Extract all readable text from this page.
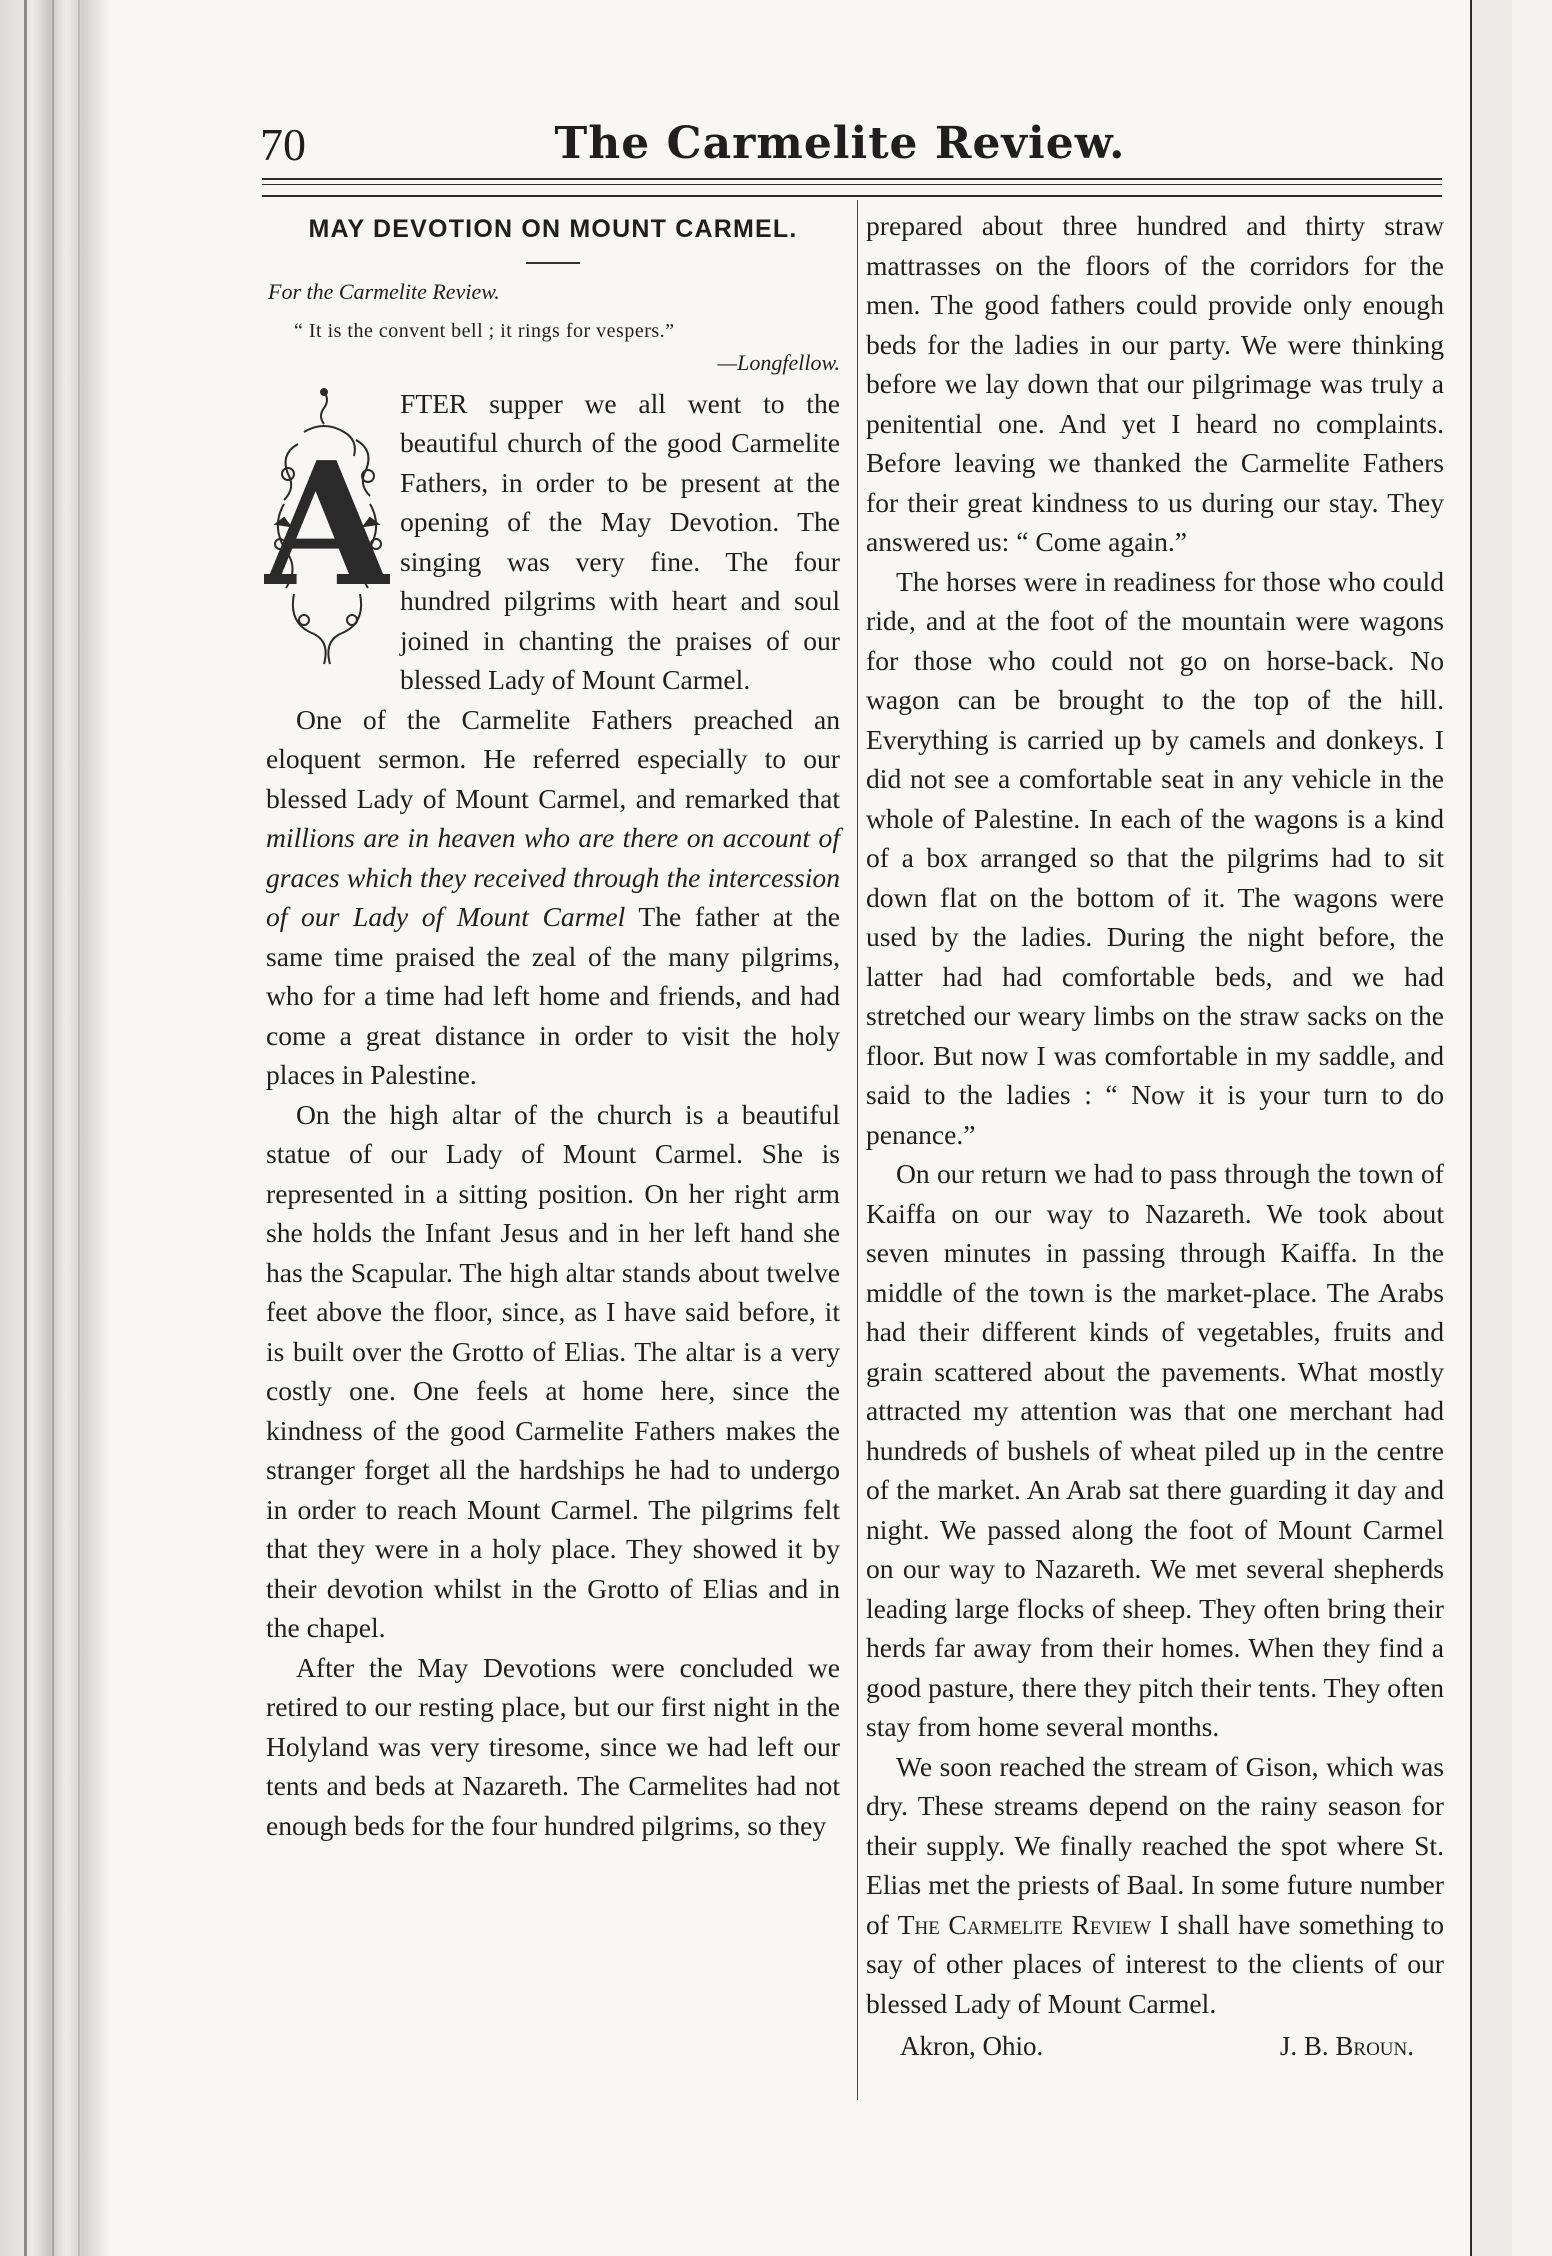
70	The Carmelite Review.
MAY DEVOTION ON MOUNT CARMEL.
For the Carmelite Review.
“ It is the convent bell ; it rings for vespers.”
—Longfellow.
A

FTER supper we all went to the beautiful church of the good Carmelite Fathers, in order to be present at the opening of the May Devotion. The singing was very fine. The four hundred pilgrims with heart and soul joined in chanting the praises of our blessed Lady of Mount Carmel.

One of the Carmelite Fathers preached an eloquent sermon. He referred especially to our blessed Lady of Mount Carmel, and remarked that millions are in heaven who are there on account of graces which they received through the intercession of our Lady of Mount Carmel The father at the same time praised the zeal of the many pilgrims, who for a time had left home and friends, and had come a great distance in order to visit the holy places in Palestine.

On the high altar of the church is a beautiful statue of our Lady of Mount Carmel. She is represented in a sitting position. On her right arm she holds the Infant Jesus and in her left hand she has the Scapular. The high altar stands about twelve feet above the floor, since, as I have said before, it is built over the Grotto of Elias. The altar is a very costly one. One feels at home here, since the kindness of the good Carmelite Fathers makes the stranger forget all the hardships he had to undergo in order to reach Mount Carmel. The pilgrims felt that they were in a holy place. They showed it by their devotion whilst in the Grotto of Elias and in the chapel.

After the May Devotions were concluded we retired to our resting place, but our first night in the Holyland was very tiresome, since we had left our tents and beds at Nazareth. The Carmelites had not enough beds for the four hundred pilgrims, so they

prepared about three hundred and thirty straw mattrasses on the floors of the corridors for the men. The good fathers could provide only enough beds for the ladies in our party. We were thinking before we lay down that our pilgrimage was truly a penitential one. And yet I heard no complaints. Before leaving we thanked the Carmelite Fathers for their great kindness to us during our stay. They answered us: “ Come again.”

The horses were in readiness for those who could ride, and at the foot of the mountain were wagons for those who could not go on horse-back. No wagon can be brought to the top of the hill. Everything is carried up by camels and donkeys. I did not see a comfortable seat in any vehicle in the whole of Palestine. In each of the wagons is a kind of a box arranged so that the pilgrims had to sit down flat on the bottom of it. The wagons were used by the ladies. During the night before, the latter had had comfortable beds, and we had stretched our weary limbs on the straw sacks on the floor. But now I was comfortable in my saddle, and said to the ladies : “ Now it is your turn to do penance.”

On our return we had to pass through the town of Kaiffa on our way to Nazareth. We took about seven minutes in passing through Kaiffa. In the middle of the town is the market-place. The Arabs had their different kinds of vegetables, fruits and grain scattered about the pavements. What mostly attracted my attention was that one merchant had hundreds of bushels of wheat piled up in the centre of the market. An Arab sat there guarding it day and night. We passed along the foot of Mount Carmel on our way to Nazareth. We met several shepherds leading large flocks of sheep. They often bring their herds far away from their homes. When they find a good pasture, there they pitch their tents. They often stay from home several months.

We soon reached the stream of Gison, which was dry. These streams depend on the rainy season for their supply. We finally reached the spot where St. Elias met the priests of Baal. In some future number of The Carmelite Review I shall have something to say of other places of interest to the clients of our blessed Lady of Mount Carmel.

Akron, Ohio.	J. B. Broun.
